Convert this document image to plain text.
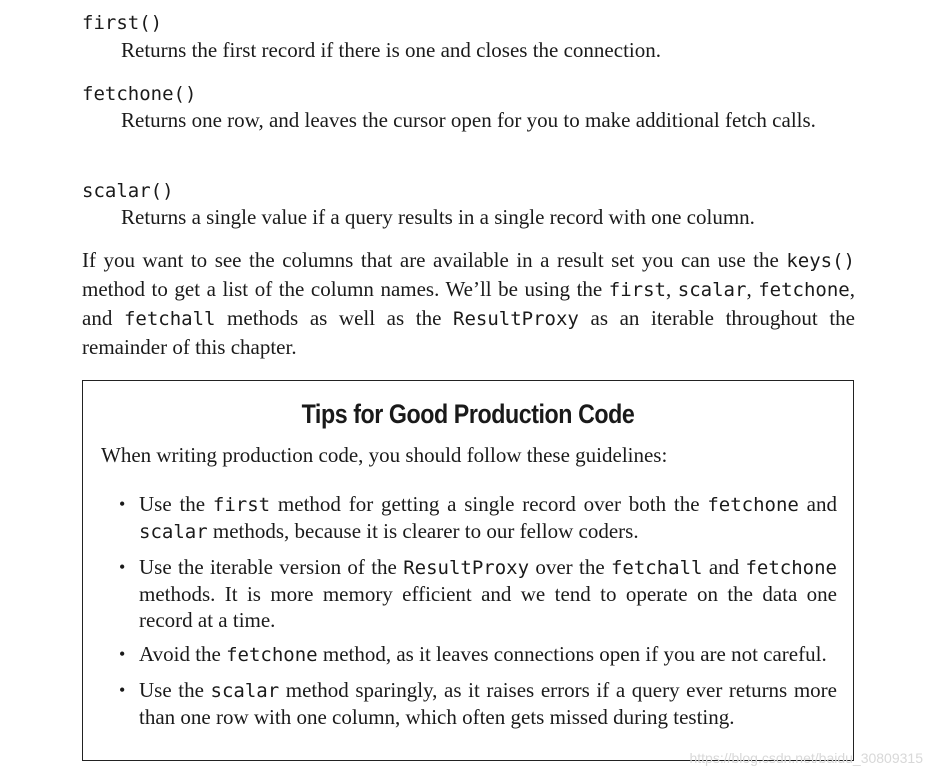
first()
Returns the first record if there is one and closes the connection.
fetchone()
Returns one row, and leaves the cursor open for you to make additional fetch calls.
scalar()
Returns a single value if a query results in a single record with one column.
If you want to see the columns that are available in a result set you can use the keys() method to get a list of the column names. We’ll be using the first, scalar, fetchone, and fetchall methods as well as the ResultProxy as an iterable throughout the remainder of this chapter.
Tips for Good Production Code
When writing production code, you should follow these guidelines:
• Use the first method for getting a single record over both the fetchone and scalar methods, because it is clearer to our fellow coders.
• Use the iterable version of the ResultProxy over the fetchall and fetchone methods. It is more memory efficient and we tend to operate on the data one record at a time.
• Avoid the fetchone method, as it leaves connections open if you are not careful.
• Use the scalar method sparingly, as it raises errors if a query ever returns more than one row with one column, which often gets missed during testing.
https://blog.csdn.net/baidu_30809315
